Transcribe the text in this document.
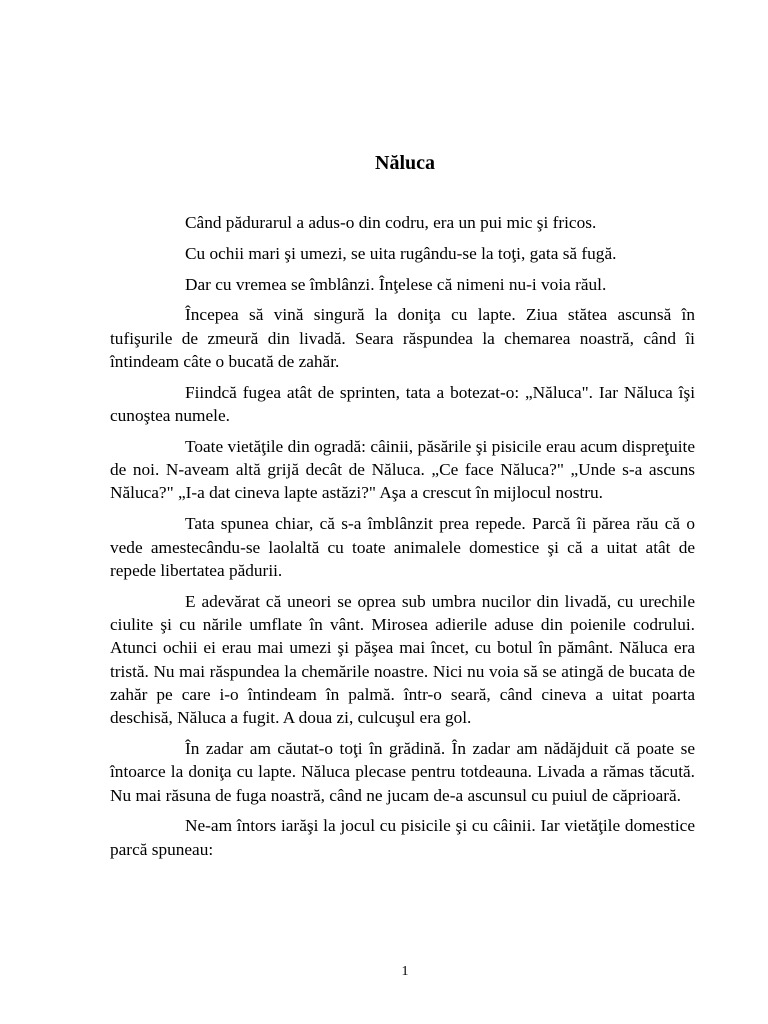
Năluca

Când pădurarul a adus-o din codru, era un pui mic şi fricos.

Cu ochii mari şi umezi, se uita rugându-se la toţi, gata să fugă.

Dar cu vremea se îmblânzi. Înţelese că nimeni nu-i voia răul.

Începea să vină singură la doniţa cu lapte. Ziua stătea ascunsă în tufişurile de zmeură din livadă. Seara răspundea la chemarea noastră, când îi întindeam câte o bucată de zahăr.

Fiindcă fugea atât de sprinten, tata a botezat-o: „Năluca". Iar Năluca îşi cunoştea numele.

Toate vietăţile din ogradă: câinii, păsările şi pisicile erau acum dispreţuite de noi. N-aveam altă grijă decât de Năluca. „Ce face Năluca?" „Unde s-a ascuns Năluca?" „I-a dat cineva lapte astăzi?" Aşa a crescut în mijlocul nostru.

Tata spunea chiar, că s-a îmblânzit prea repede. Parcă îi părea rău că o vede amestecându-se laolaltă cu toate animalele domestice şi că a uitat atât de repede libertatea pădurii.

E adevărat că uneori se oprea sub umbra nucilor din livadă, cu urechile ciulite şi cu nările umflate în vânt. Mirosea adierile aduse din poienile codrului. Atunci ochii ei erau mai umezi şi păşea mai încet, cu botul în pământ. Năluca era tristă. Nu mai răspundea la chemările noastre. Nici nu voia să se atingă de bucata de zahăr pe care i-o întindeam în palmă. într-o seară, când cineva a uitat poarta deschisă, Năluca a fugit. A doua zi, culcuşul era gol.

În zadar am căutat-o toţi în grădină. În zadar am nădăjduit că poate se întoarce la doniţa cu lapte. Năluca plecase pentru totdeauna. Livada a rămas tăcută. Nu mai răsuna de fuga noastră, când ne jucam de-a ascunsul cu puiul de căprioară.

Ne-am întors iarăşi la jocul cu pisicile şi cu câinii. Iar vietăţile domestice parcă spuneau:

1
